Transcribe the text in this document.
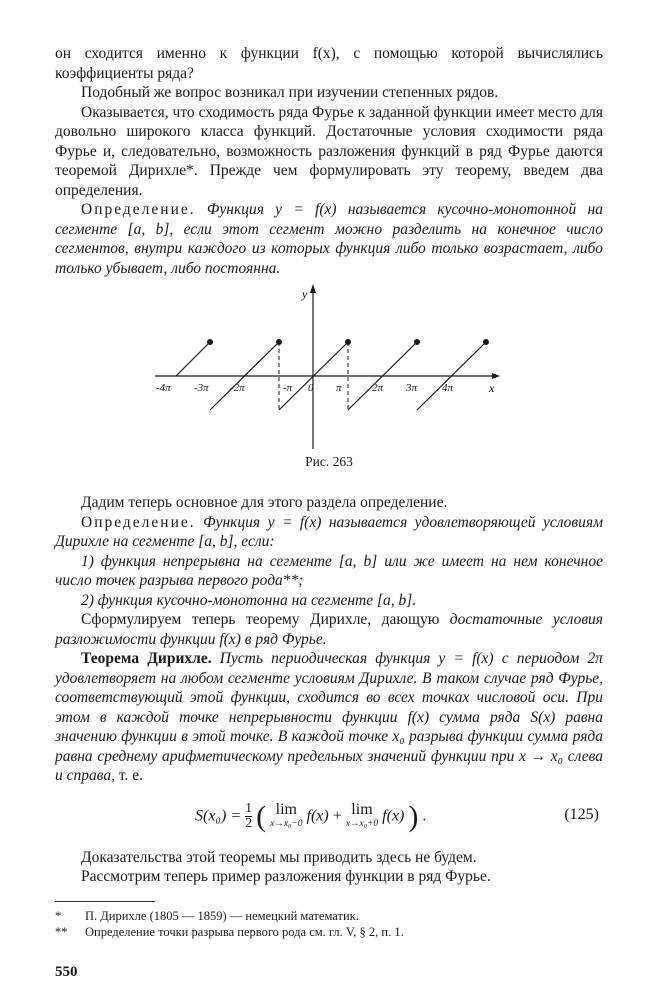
он сходится именно к функции f(x), с помощью которой вычислялись коэффициенты ряда?

Подобный же вопрос возникал при изучении степенных рядов.

Оказывается, что сходимость ряда Фурье к заданной функции имеет место для довольно широкого класса функций. Достаточные условия сходимости ряда Фурье и, следовательно, возможность разложения функций в ряд Фурье даются теоремой Дирихле*. Прежде чем формулировать эту теорему, введем два определения.

Определение. Функция y = f(x) называется кусочно-монотонной на сегменте [a, b], если этот сегмент можно разделить на конечное число сегментов, внутри каждого из которых функция либо только возрастает, либо только убывает, либо постоянна.

y
x
-4π -3π -2π	-π 0 π	2π 3π 4π
Рис. 263

Дадим теперь основное для этого раздела определение.

Определение. Функция y = f(x) называется удовлетворяющей условиям Дирихле на сегменте [a, b], если:

1) функция непрерывна на сегменте [a, b] или же имеет на нем конечное число точек разрыва первого рода**;

2) функция кусочно-монотонна на сегменте [a, b].

Сформулируем теперь теорему Дирихле, дающую достаточные условия разложимости функции f(x) в ряд Фурье.

Теорема Дирихле. Пусть периодическая функция y = f(x) с периодом 2π удовлетворяет на любом сегменте условиям Дирихле. В таком случае ряд Фурье, соответствующий этой функции, сходится во всех точках числовой оси. При этом в каждой точке непрерывности функции f(x) сумма ряда S(x) равна значению функции в этой точке. В каждой точке x₀ разрыва функции сумма ряда равна среднему арифметическому предельных значений функции при x → x₀ слева и справа, т. е.

$S(x_0) = \frac{1}{2}$ ( lim
x→x₀−0 f(x) + lim
x→x₀+0 f(x) ) .	(125)

Доказательства этой теоремы мы приводить здесь не будем.

Рассмотрим теперь пример разложения функции в ряд Фурье.

* П. Дирихле (1805 — 1859) — немецкий математик.

** Определение точки разрыва первого рода см. гл. V, § 2, п. 1.

550
